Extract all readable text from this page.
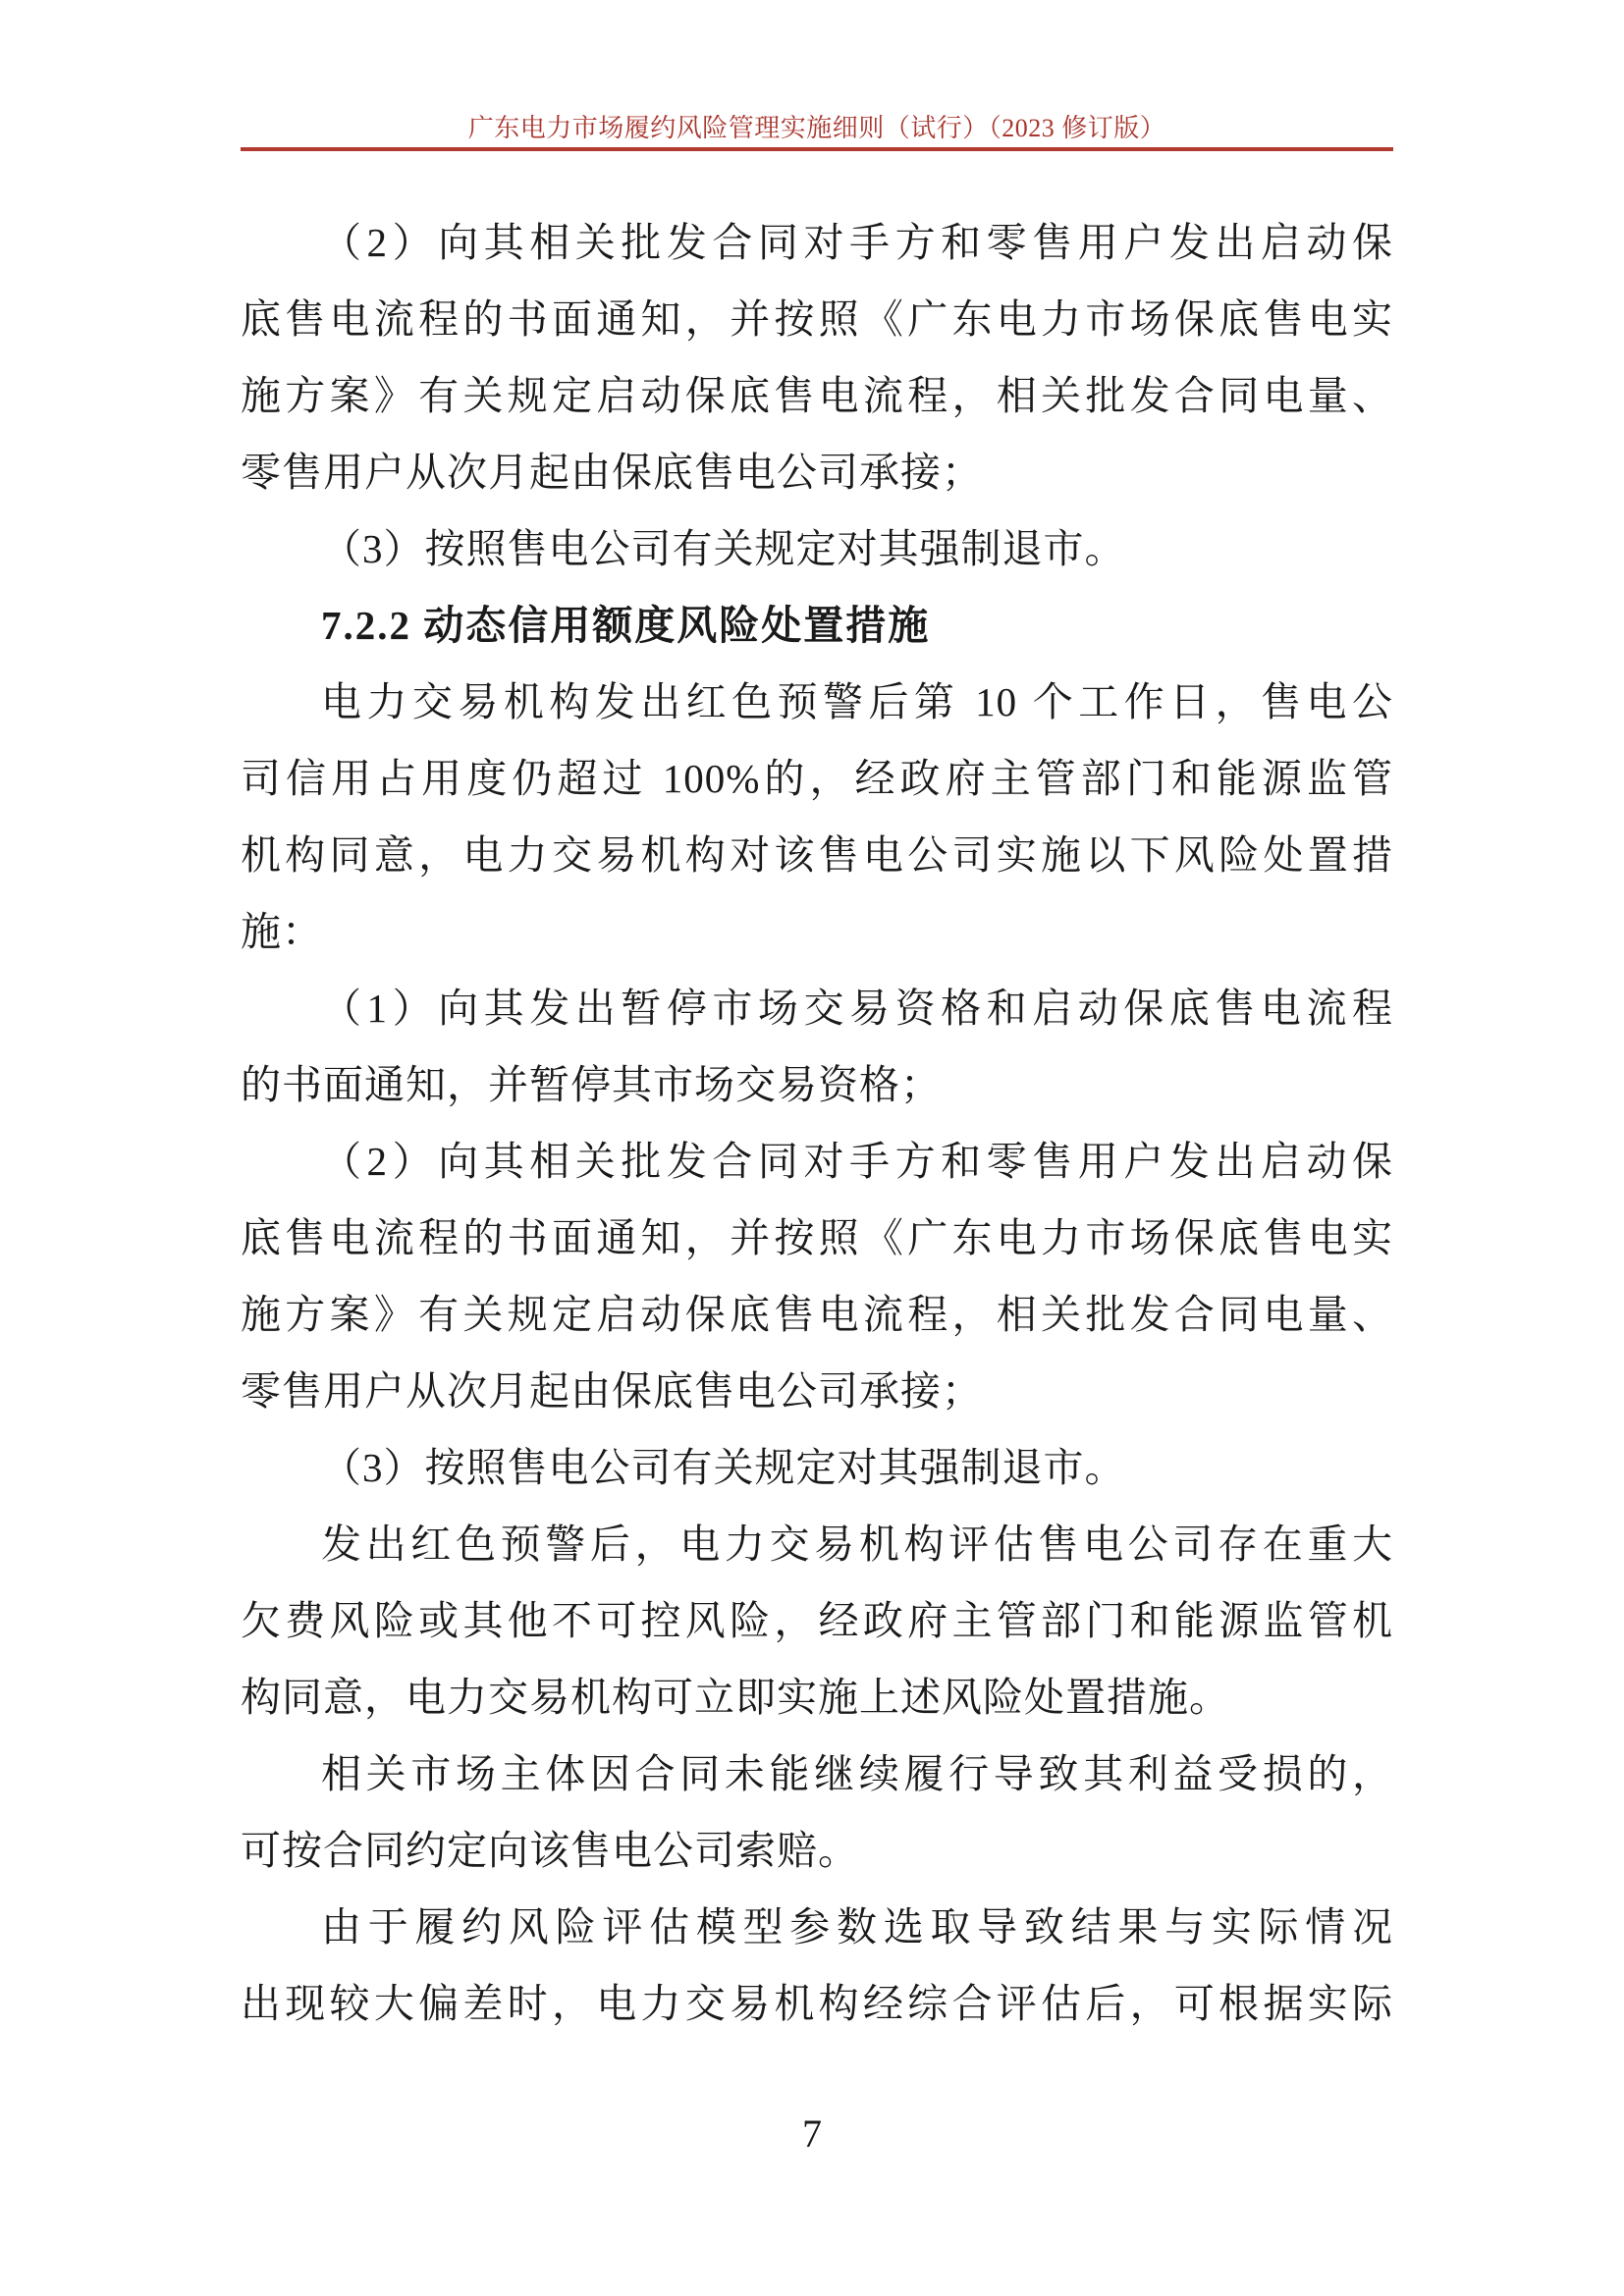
广东电力市场履约风险管理实施细则（试行）（2023 修订版）
（2）向其相关批发合同对手方和零售用户发出启动保
底售电流程的书面通知，并按照《广东电力市场保底售电实
施方案》有关规定启动保底售电流程，相关批发合同电量、
零售用户从次月起由保底售电公司承接；
（3）按照售电公司有关规定对其强制退市。
7.2.2 动态信用额度风险处置措施
电力交易机构发出红色预警后第 10 个工作日，售电公
司信用占用度仍超过 100%的，经政府主管部门和能源监管
机构同意，电力交易机构对该售电公司实施以下风险处置措
施：
（1）向其发出暂停市场交易资格和启动保底售电流程
的书面通知，并暂停其市场交易资格；
（2）向其相关批发合同对手方和零售用户发出启动保
底售电流程的书面通知，并按照《广东电力市场保底售电实
施方案》有关规定启动保底售电流程，相关批发合同电量、
零售用户从次月起由保底售电公司承接；
（3）按照售电公司有关规定对其强制退市。
发出红色预警后，电力交易机构评估售电公司存在重大
欠费风险或其他不可控风险，经政府主管部门和能源监管机
构同意，电力交易机构可立即实施上述风险处置措施。
相关市场主体因合同未能继续履行导致其利益受损的，
可按合同约定向该售电公司索赔。
由于履约风险评估模型参数选取导致结果与实际情况
出现较大偏差时，电力交易机构经综合评估后，可根据实际
7
